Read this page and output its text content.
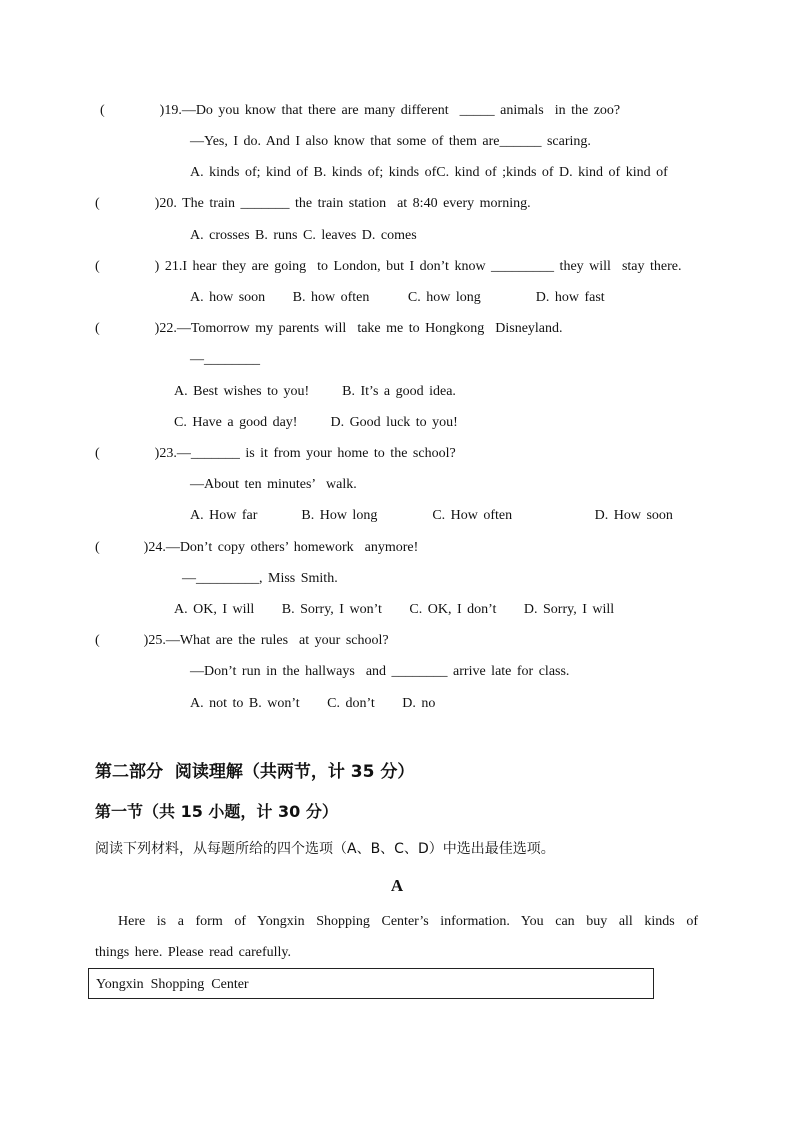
(          )19.—Do you know that there are many different  _____ animals  in the zoo?
—Yes, I do. And I also know that some of them are______ scaring.
A. kinds of; kind of B. kinds of; kinds ofC. kind of ;kinds of D. kind of kind of
(          )20. The train _______ the train station  at 8:40 every morning.
A. crosses B. runs C. leaves D. comes
(          ) 21.I hear they are going  to London, but I don’t know _________ they will  stay there.
A. how soon     B. how often       C. how long          D. how fast
(          )22.—Tomorrow my parents will  take me to Hongkong  Disneyland.
—________
A. Best wishes to you!      B. It’s a good idea.
C. Have a good day!      D. Good luck to you!
(          )23.—_______ is it from your home to the school?
—About ten minutes’  walk.
A. How far        B. How long          C. How often               D. How soon
(        )24.—Don’t copy others’ homework  anymore!
—_________, Miss Smith.
A. OK, I will     B. Sorry, I won’t     C. OK, I don’t     D. Sorry, I will
(        )25.—What are the rules  at your school?
—Don’t run in the hallways  and ________ arrive late for class.
A. not to B. won’t     C. don’t     D. no
第二部分  阅读理解（共两节，计 35 分）
第一节（共 15 小题，计 30 分）
阅读下列材料，从每题所给的四个选项（A、B、C、D）中选出最佳选项。
A
Here is a form of Yongxin Shopping Center’s information. You can buy all kinds of
things here. Please read carefully.
Yongxin  Shopping  Center
